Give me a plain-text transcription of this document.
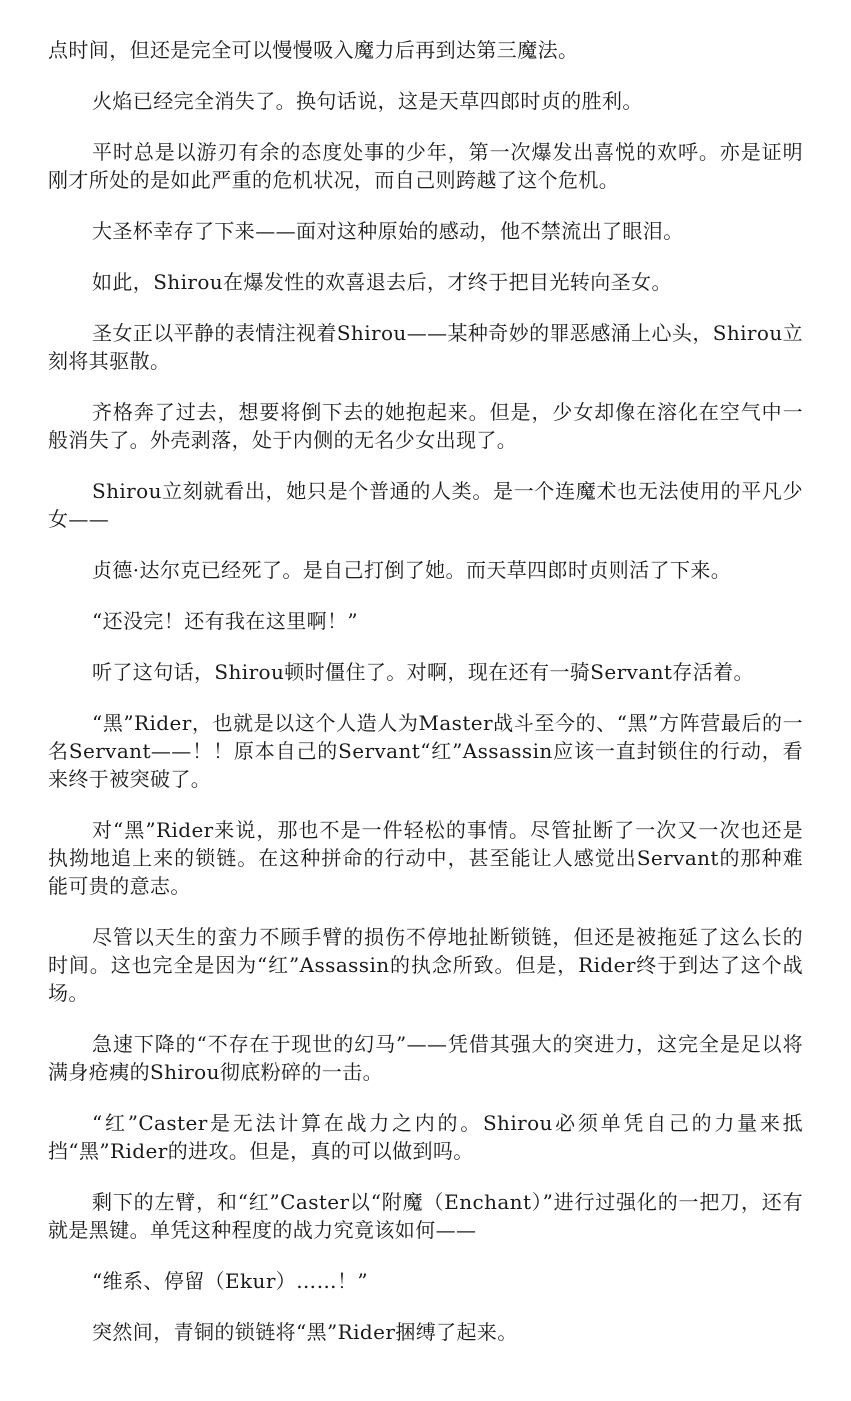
点时间，但还是完全可以慢慢吸入魔力后再到达第三魔法。

火焰已经完全消失了。换句话说，这是天草四郎时贞的胜利。

平时总是以游刃有余的态度处事的少年，第一次爆发出喜悦的欢呼。亦是证明刚才所处的是如此严重的危机状况，而自己则跨越了这个危机。

大圣杯幸存了下来——面对这种原始的感动，他不禁流出了眼泪。

如此，Shirou在爆发性的欢喜退去后，才终于把目光转向圣女。

圣女正以平静的表情注视着Shirou——某种奇妙的罪恶感涌上心头，Shirou立刻将其驱散。

齐格奔了过去，想要将倒下去的她抱起来。但是，少女却像在溶化在空气中一般消失了。外壳剥落，处于内侧的无名少女出现了。

Shirou立刻就看出，她只是个普通的人类。是一个连魔术也无法使用的平凡少女——

贞德·达尔克已经死了。是自己打倒了她。而天草四郎时贞则活了下来。

“还没完！还有我在这里啊！”

听了这句话，Shirou顿时僵住了。对啊，现在还有一骑Servant存活着。

“黑”Rider，也就是以这个人造人为Master战斗至今的、“黑”方阵营最后的一名Servant——！！原本自己的Servant“红”Assassin应该一直封锁住的行动，看来终于被突破了。

对“黑”Rider来说，那也不是一件轻松的事情。尽管扯断了一次又一次也还是执拗地追上来的锁链。在这种拼命的行动中，甚至能让人感觉出Servant的那种难能可贵的意志。

尽管以天生的蛮力不顾手臂的损伤不停地扯断锁链，但还是被拖延了这么长的时间。这也完全是因为“红”Assassin的执念所致。但是，Rider终于到达了这个战场。

急速下降的“不存在于现世的幻马”——凭借其强大的突进力，这完全是足以将满身疮痍的Shirou彻底粉碎的一击。

“红”Caster是无法计算在战力之内的。Shirou必须单凭自己的力量来抵挡“黑”Rider的进攻。但是，真的可以做到吗。

剩下的左臂，和“红”Caster以“附魔（Enchant）”进行过强化的一把刀，还有就是黑键。单凭这种程度的战力究竟该如何——

“维系、停留（Ekur）……！”

突然间，青铜的锁链将“黑”Rider捆缚了起来。
